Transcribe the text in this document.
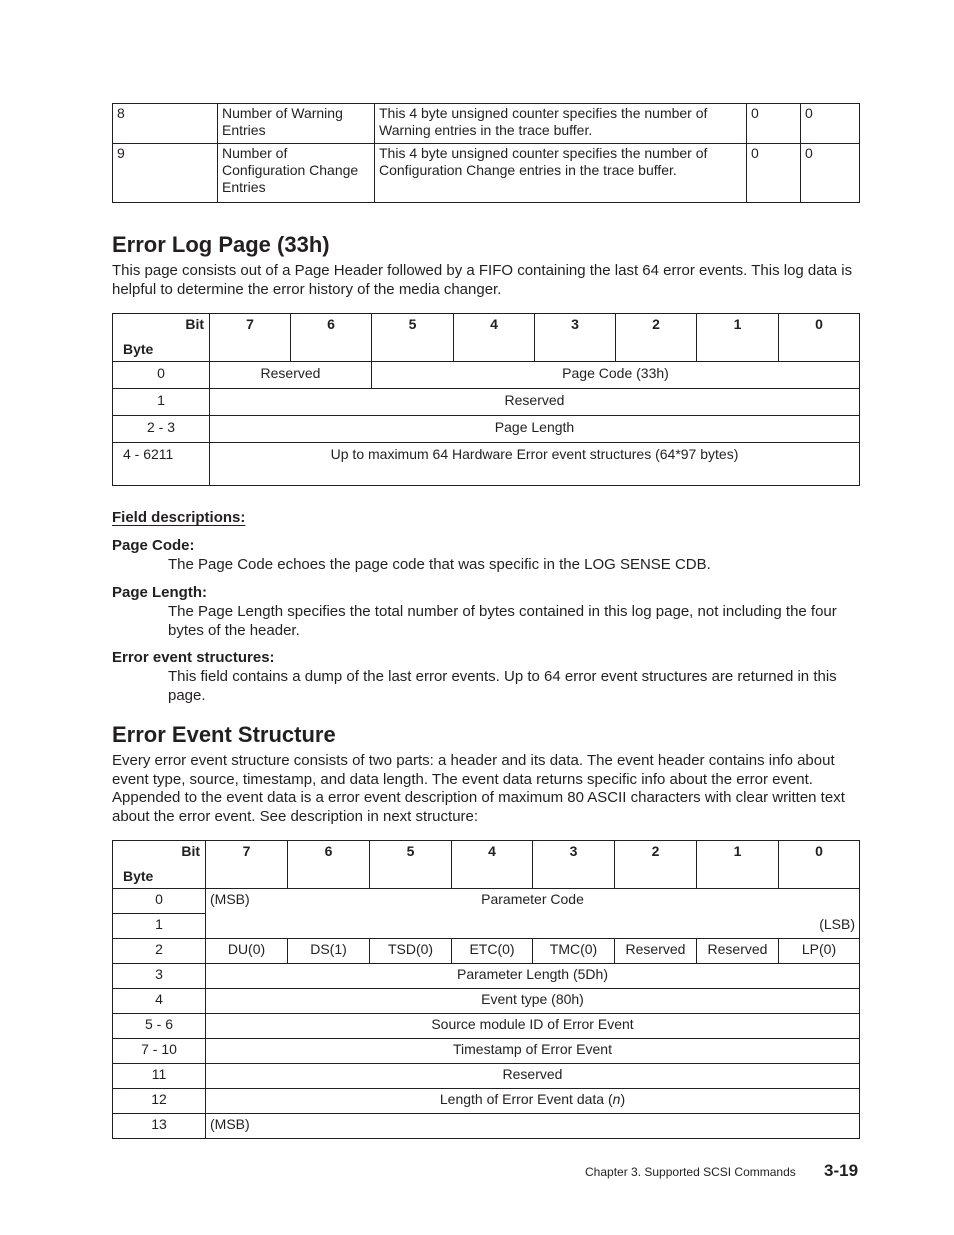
8	Number of Warning Entries	This 4 byte unsigned counter specifies the number of Warning entries in the trace buffer.	0	0
9	Number of Configuration Change Entries	This 4 byte unsigned counter specifies the number of Configuration Change entries in the trace buffer.	0	0
Error Log Page (33h)

This page consists out of a Page Header followed by a FIFO containing the last 64 error events. This log data is helpful to determine the error history of the media changer.

Bit
Byte	7	6	5	4	3	2	1	0
0	Reserved		Page Code (33h)					
1	Reserved							
2 - 3	Page Length							
4 - 6211	Up to maximum 64 Hardware Error event structures (64*97 bytes)							
Field descriptions:
Page Code:
The Page Code echoes the page code that was specific in the LOG SENSE CDB.
Page Length:
The Page Length specifies the total number of bytes contained in this log page, not including the four bytes of the header.
Error event structures:
This field contains a dump of the last error events. Up to 64 error event structures are returned in this page.
Error Event Structure

Every error event structure consists of two parts: a header and its data. The event header contains info about event type, source, timestamp, and data length. The event data returns specific info about the error event. Appended to the event data is a error event description of maximum 80 ASCII characters with clear written text about the error event. See description in next structure:

Bit
Byte	7	6	5	4	3	2	1	0
0	(MSB) Parameter Code							
1	(LSB)							
2	DU(0)	DS(1)	TSD(0)	ETC(0)	TMC(0)	Reserved	Reserved	LP(0)
3	Parameter Length (5Dh)							
4	Event type (80h)							
5 - 6	Source module ID of Error Event							
7 - 10	Timestamp of Error Event							
11	Reserved							
12	Length of Error Event data (n)							
13	(MSB)							
Chapter 3. Supported SCSI Commands 3-19
